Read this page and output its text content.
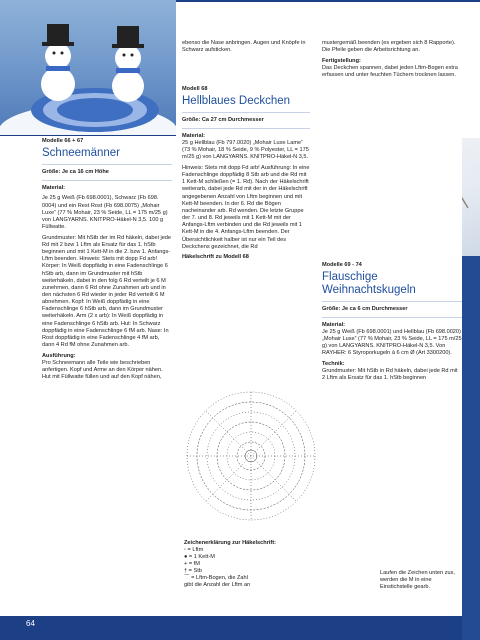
Modelle 66 + 67
Schneemänner

Größe: Je ca 16 cm Höhe

Material:

Je 25 g Weiß (Fb 698.0001), Schwarz (Fb 698. 0004) und ein Rest Rost (Fb 698.0075) „Mohair Luxe“ (77 % Mohair, 23 % Seide, LL = 175 m/25 g) von LANGYARNS. KNITPRO-Häkel-N 3,5. 100 g Füllwatte.

Grundmuster: Mit hStb der im Rd häkeln, dabei jede Rd mit 2 bzw 1 Lftm als Ersatz für das 1. hStb beginnen und mit 1 Kett-M in die 2. bzw 1. Anfangs-Lftm beenden. Hinweis: Stets mit dopp Fd arb! Körper: In Weiß doppfädig in eine Fadenschlinge 6 hStb arb, dann im Grundmuster mit hStb weiterhäkeln, dabei in den folg 6 Rd verteilt je 6 M zunehmen, dann 6 Rd ohne Zunahmen arb und in den nächsten 6 Rd wieder in jeder Rd verteilt 6 M abnehmen. Kopf: In Weiß doppfädig in eine Fadenschlinge 6 hStb arb, dann im Grundmuster weiterhäkeln. Arm (2 x arb): In Weiß doppfädig in eine Fadenschlinge 6 hStb arb. Hut: In Schwarz doppfädig in eine Fadenschlinge 6 fM arb. Nase: In Rost doppfädig in eine Fadenschlinge 4 fM arb, dann 4 Rd fM ohne Zunahmen arb.

Ausführung:

Pro Schneemann alle Teile wie beschrieben anfertigen. Kopf und Arme an den Körper nähen. Hut mit Füllwatte füllen und auf den Kopf nähen,

ebenso die Nase anbringen. Augen und Knöpfe in Schwarz aufsticken.

Modell 68
Hellblaues Deckchen

Größe: Ca 27 cm Durchmesser

Material:

25 g Hellblau (Fb 797.0020) „Mohair Luxe Lame“ (73 % Mohair, 18 % Seide, 9 % Polyester, LL = 175 m/25 g) von LANGYARNS. KNITPRO-Häkel-N 3,5.

Hinweis: Stets mit dopp Fd arb! Ausführung: In eine Fadenschlinge doppfädig 8 Stb arb und die Rd mit 1 Kett-M schließen (= 1. Rd). Nach der Häkelschrift weiterarb, dabei jede Rd mit der in der Häkelschrift angegebenen Anzahl von Lftm beginnen und mit Kett-M beenden. In der 6. Rd die Bögen nacheinander arb. Rd wenden. Die letzte Gruppe der 7. und 8. Rd jeweils mit 1 Kett-M mit der Anfangs-Lftm verbinden und die Rd jeweils mit 1 Kett-M in die 4. Anfangs-Lftm beenden. Der Übersichtlichkeit halber ist nur ein Teil des Deckchens gezeichnet, die Rd

Häkelschrift zu Modell 68

mustergemäß beenden (es ergeben sich 8 Rapporte). Die Pfeile geben die Arbeitsrichtung an.

Fertigstellung:

Das Deckchen spannen, dabei jeden Lftm-Bogen extra erfassen und unter feuchten Tüchern trocknen lassen.

Modelle 69 - 74
Flauschige Weihnachtskugeln

Größe: Je ca 6 cm Durchmesser

Material:

Je 25 g Weiß (Fb 698.0001) und Hellblau (Fb 698.0020) „Mohair Luxe“ (77 % Mohair, 23 % Seide, LL = 175 m/25 g) von LANGYARNS. KNITPRO-Häkel-N 3,5. Von RAYHER: 6 Styroporkugeln à 6 cm Ø (Art 3300200).

Technik:

Grundmuster: Mit hStb in Rd häkeln, dabei jede Rd mit 2 Lftm als Ersatz für das 1. hStb beginnen

Zeichenerklärung zur Häkelschrift:
◦ = Lftm
● = 1 Kett-M
+ = fM
† = Stb
⌒ = Lftm-Bogen, die Zahl
gibt die Anzahl der Lftm an
Laufen die Zeichen unten zus, werden die M in eine Einstichstelle gearb.
64
